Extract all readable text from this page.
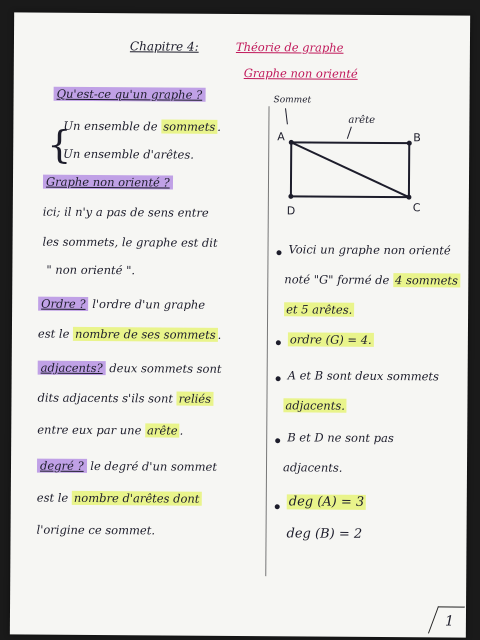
Chapitre 4:	Théorie de graphe
Graphe non orienté
Qu'est-ce qu'un graphe ?
{
Un ensemble de sommets .
Un ensemble d'arêtes.
Graphe non orienté ?
ici; il n'y a pas de sens entre
les sommets, le graphe est dit
" non orienté ".
Ordre ? l'ordre d'un graphe
est le nombre de ses sommets .
adjacents? deux sommets sont
dits adjacents s'ils sont reliés
entre eux par une arête .
degré ? le degré d'un sommet
est le nombre d'arêtes dont
l'origine ce sommet.
Sommet
arête
A	B
C
D
Voici un graphe non orienté
noté "G" formé de 4 sommets
et 5 arêtes.
ordre (G) = 4.
A et B sont deux sommets
adjacents.
B et D ne sont pas
adjacents.
deg (A) = 3
deg (B) = 2
1
